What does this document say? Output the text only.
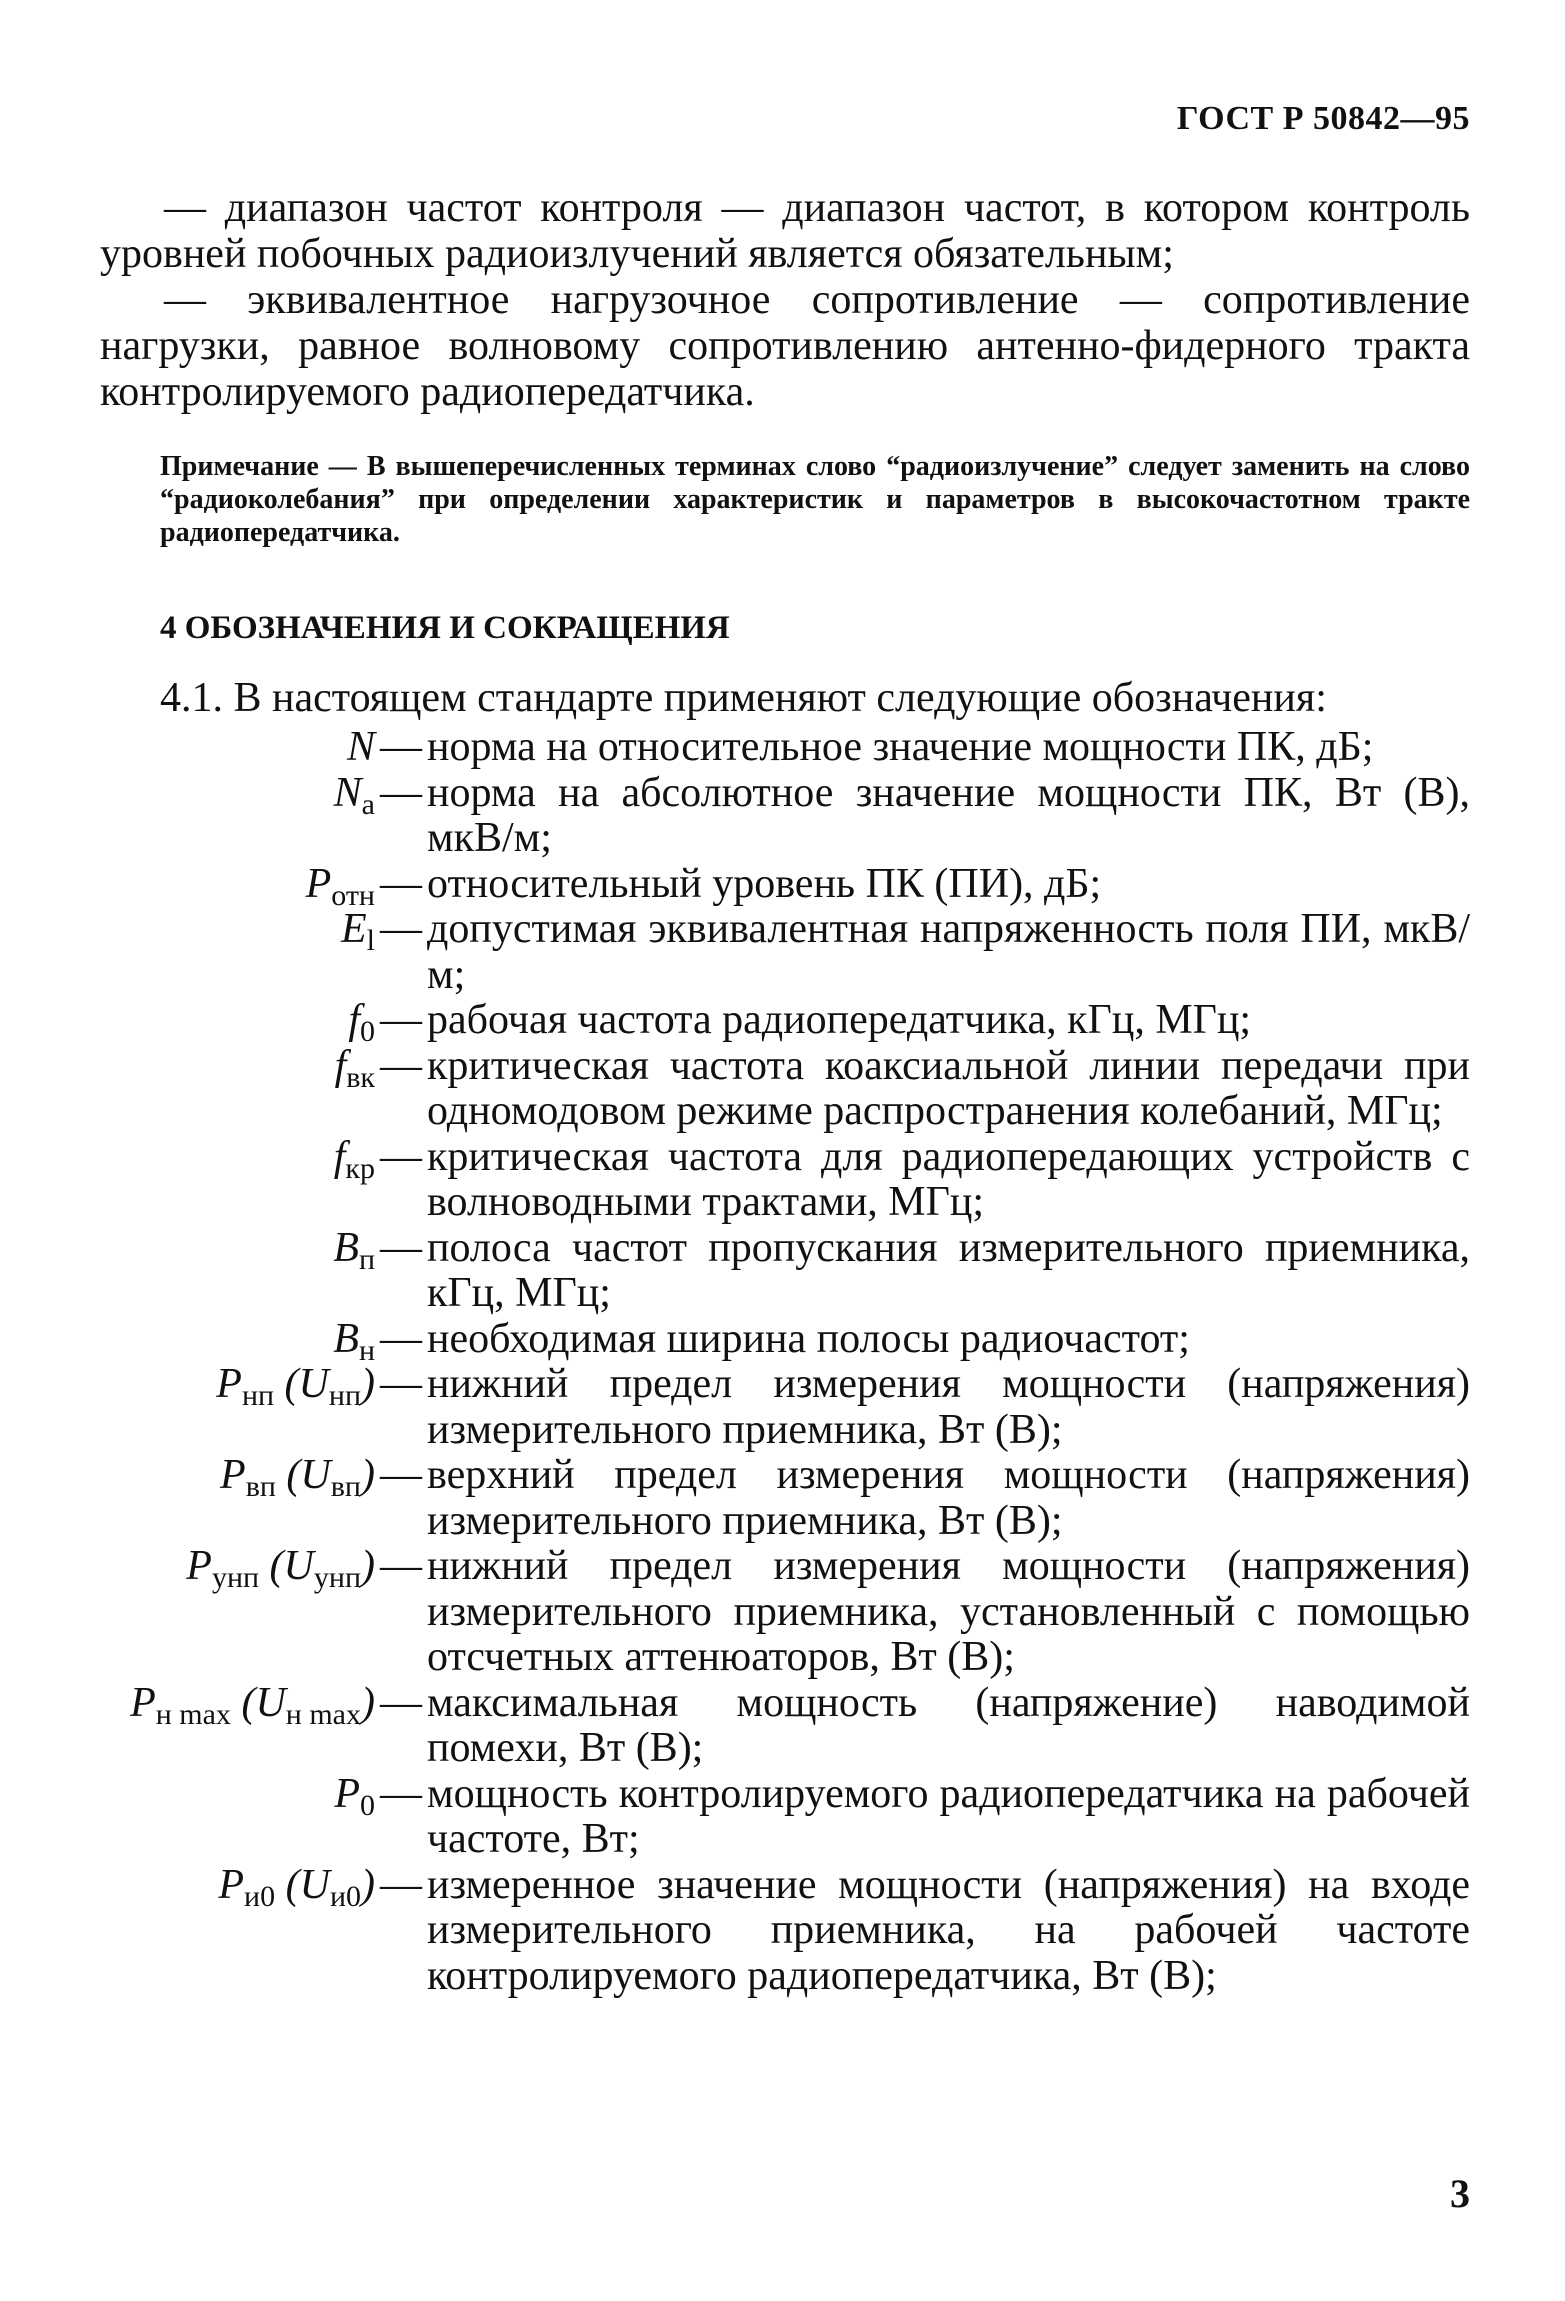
ГОСТ Р 50842—95

— диапазон частот контроля — диапазон частот, в котором контроль уровней побочных радиоизлучений является обязательным;

— эквивалентное нагрузочное сопротивление — сопротивление нагрузки, равное волновому сопротивлению антенно-фидерного тракта контролируемого радиопередатчика.

Примечание — В вышеперечисленных терминах слово “радиоизлучение” следует заменить на слово “радиоколебания” при определении характеристик и параметров в высокочастотном тракте радиопередатчика.
4 ОБОЗНАЧЕНИЯ И СОКРАЩЕНИЯ
4.1. В настоящем стандарте применяют следующие обозначения:
N — норма на относительное значение мощности ПК, дБ;
$N_a$ — норма на абсолютное значение мощности ПК, Вт (В), мкВ/м;
$P_{отн}$ — относительный уровень ПК (ПИ), дБ;
$E_l$ — допустимая эквивалентная напряженность поля ПИ, мкВ/м;
$f_0$ — рабочая частота радиопередатчика, кГц, МГц;
$f_{вк}$ — критическая частота коаксиальной линии передачи при одномодовом режиме распространения колебаний, МГц;
$f_{кр}$ — критическая частота для радиопередающих устройств с волноводными трактами, МГц;
$B_п$ — полоса частот пропускания измерительного приемника, кГц, МГц;
$B_н$ — необходимая ширина полосы радиочастот;
$P_{нп}$ $(U_{нп})$ — нижний предел измерения мощности (напряжения) измерительного приемника, Вт (В);
$P_{вп}$ $(U_{вп})$ — верхний предел измерения мощности (напряжения) измерительного приемника, Вт (В);
$P_{унп}$ $(U_{унп})$ — нижний предел измерения мощности (напряжения) измерительного приемника, установленный с помощью отсчетных аттенюаторов, Вт (В);
$P_{н max}$ $(U_{н max})$ — максимальная мощность (напряжение) наводимой помехи, Вт (В);
$P_0$ — мощность контролируемого радиопередатчика на рабочей частоте, Вт;
$P_{и0}$ $(U_{и0})$ — измеренное значение мощности (напряжения) на входе измерительного приемника, на рабочей частоте контролируемого радиопередатчика, Вт (В);
3
